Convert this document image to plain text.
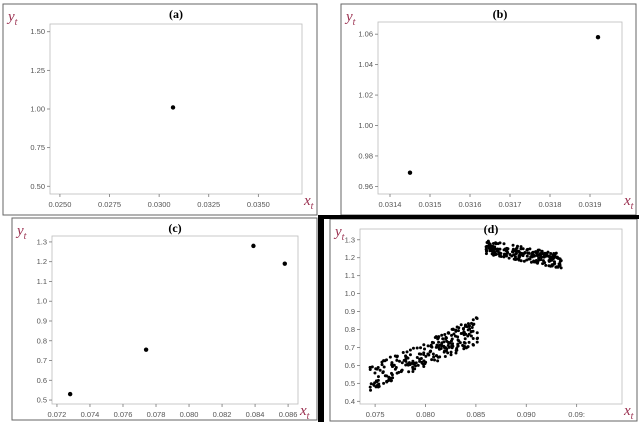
0.0250	0.0275	0.0300	0.0325	0.0350
0.50
0.75
1.00
1.25
1.50
(a)
$y_t$
$x_t$	0.0314 0.0315 0.0316 0.0317 0.0318 0.0319
0.96
0.98
1.00
1.02
1.04
1.06
(b)
$y_t$
$x_t$
0.072 0.074 0.076 0.078 0.080 0.082 0.084 0.086
0.5
0.6
0.7
0.8
0.9
1.0
1.1
1.2
1.3
(c)
$y_t$
$x_t$	0.075	0.080	0.085	0.090	0.09:
0.4
0.5
0.6
0.7
0.8
0.9
1.0
1.1
1.2
1.3
(d)
$y_t$
$x_t$
